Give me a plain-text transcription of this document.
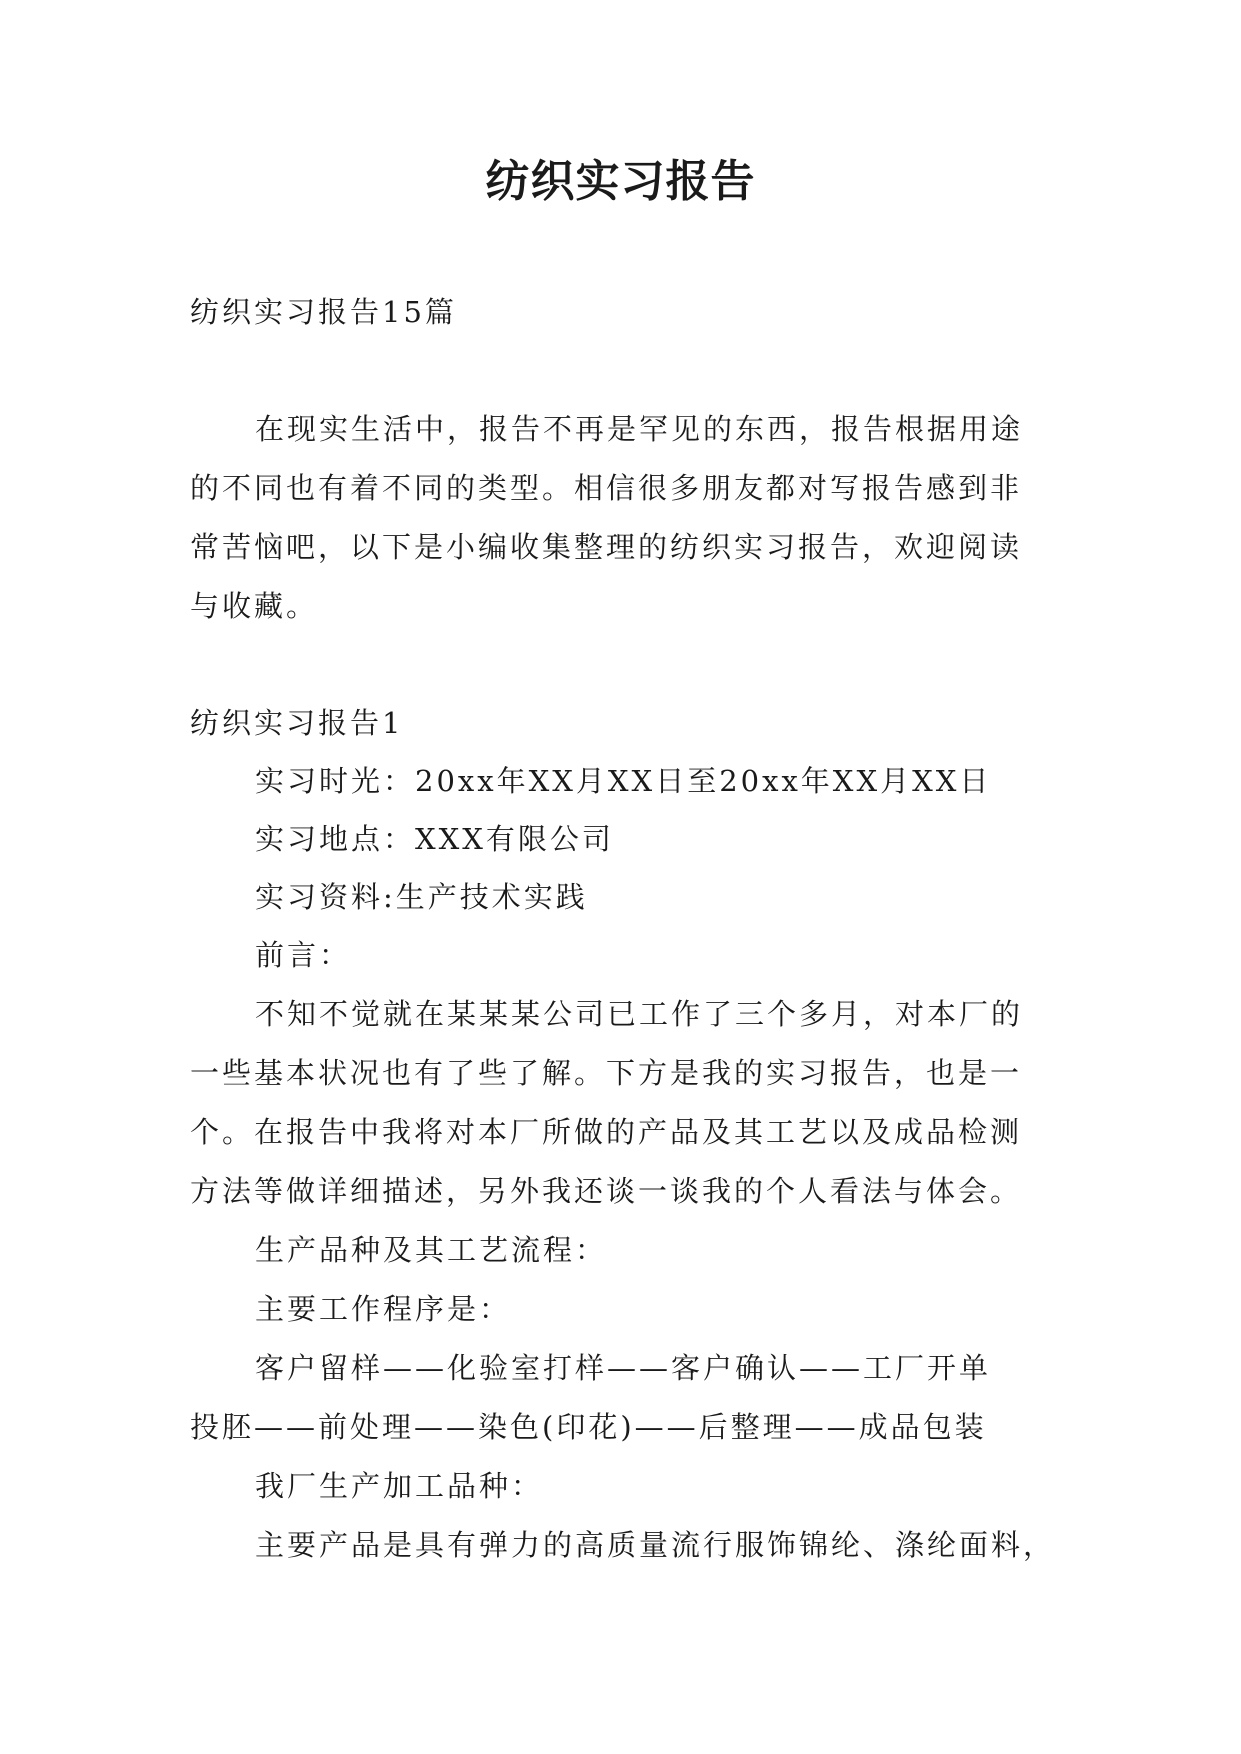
纺织实习报告

纺织实习报告15篇

在现实生活中，报告不再是罕见的东西，报告根据用途

的不同也有着不同的类型。相信很多朋友都对写报告感到非

常苦恼吧，以下是小编收集整理的纺织实习报告，欢迎阅读

与收藏。

纺织实习报告1

实习时光：20xx年XX月XX日至20xx年XX月XX日

实习地点：XXX有限公司

实习资料:生产技术实践

前言：

不知不觉就在某某某公司已工作了三个多月，对本厂的

一些基本状况也有了些了解。下方是我的实习报告，也是一

个。在报告中我将对本厂所做的产品及其工艺以及成品检测

方法等做详细描述，另外我还谈一谈我的个人看法与体会。

生产品种及其工艺流程：

主要工作程序是：

客户留样——化验室打样——客户确认——工厂开单

投胚——前处理——染色(印花)——后整理——成品包装

我厂生产加工品种：

主要产品是具有弹力的高质量流行服饰锦纶、涤纶面料，
